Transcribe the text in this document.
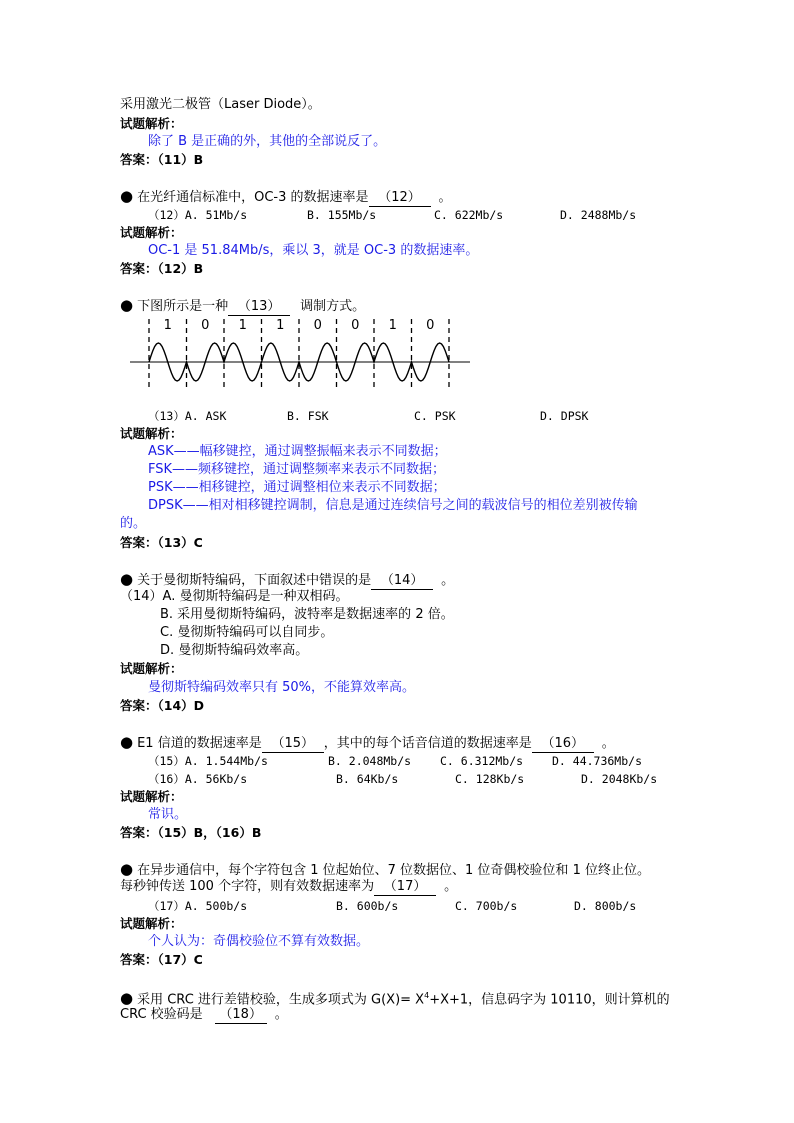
采用激光二极管（Laser Diode）。
试题解析：
除了 B 是正确的外，其他的全部说反了。
答案：（11）B
● 在光纤通信标准中，OC-3 的数据速率是 （12） 。
（12）A. 51Mb/s	B. 155Mb/s	C. 622Mb/s	D. 2488Mb/s
试题解析：
OC-1 是 51.84Mb/s，乘以 3，就是 OC-3 的数据速率。
答案：（12）B
● 下图所示是一种 （13） 调制方式。
1 0 1 1 0 0 1 0
（13）A. ASK	B. FSK	C. PSK	D. DPSK
试题解析：
ASK——幅移键控，通过调整振幅来表示不同数据；
FSK——频移键控，通过调整频率来表示不同数据；
PSK——相移键控，通过调整相位来表示不同数据；
DPSK——相对相移键控调制，信息是通过连续信号之间的载波信号的相位差别被传输
的。
答案：（13）C
● 关于曼彻斯特编码，下面叙述中错误的是 （14） 。
（14）A. 曼彻斯特编码是一种双相码。
B. 采用曼彻斯特编码，波特率是数据速率的 2 倍。
C. 曼彻斯特编码可以自同步。
D. 曼彻斯特编码效率高。
试题解析：
曼彻斯特编码效率只有 50%，不能算效率高。
答案：（14）D
● E1 信道的数据速率是 （15） ，其中的每个话音信道的数据速率是 （16） 。
（15）A. 1.544Mb/s	B. 2.048Mb/s	C. 6.312Mb/s	D. 44.736Mb/s
（16）A. 56Kb/s	B. 64Kb/s	C. 128Kb/s	D. 2048Kb/s
试题解析：
常识。
答案：（15）B，（16）B
● 在异步通信中，每个字符包含 1 位起始位、7 位数据位、1 位奇偶校验位和 1 位终止位。
每秒钟传送 100 个字符，则有效数据速率为 （17） 。
（17）A. 500b/s	B. 600b/s	C. 700b/s	D. 800b/s
试题解析：
个人认为：奇偶校验位不算有效数据。
答案：（17）C
● 采用 CRC 进行差错校验，生成多项式为 $G(X)= X^4+X+1$，信息码字为 10110，则计算机的
CRC 校验码是 （18） 。
